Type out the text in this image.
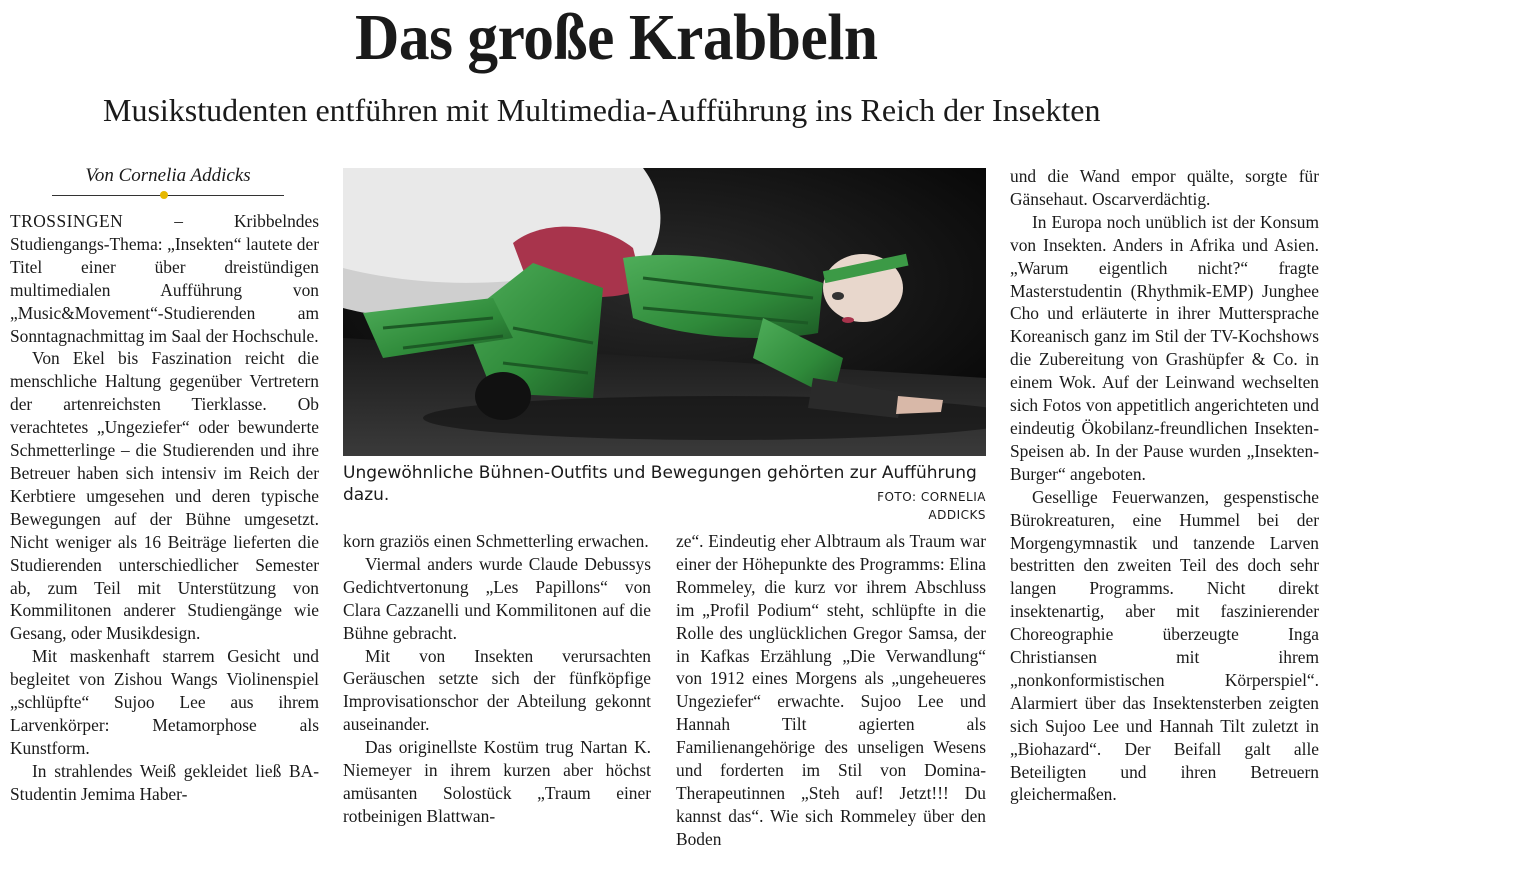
Das große Krabbeln
Musikstudenten entführen mit Multimedia-Aufführung ins Reich der Insekten
Von Cornelia Addicks

TROSSINGEN – Kribbelndes Studiengangs-Thema: „Insekten“ lautete der Titel einer über dreistündigen multimedialen Aufführung von „Music&Movement“-Studierenden am Sonntagnachmittag im Saal der Hochschule.

Von Ekel bis Faszination reicht die menschliche Haltung gegenüber Vertretern der artenreichsten Tierklasse. Ob verachtetes „Ungeziefer“ oder bewunderte Schmetterlinge – die Studierenden und ihre Betreuer haben sich intensiv im Reich der Kerbtiere umgesehen und deren typische Bewegungen auf der Bühne umgesetzt. Nicht weniger als 16 Beiträge lieferten die Studierenden unterschiedlicher Semester ab, zum Teil mit Unterstützung von Kommilitonen anderer Studiengänge wie Gesang, oder Musikdesign.

Mit maskenhaft starrem Gesicht und begleitet von Zishou Wangs Violinenspiel „schlüpfte“ Sujoo Lee aus ihrem Larvenkörper: Metamorphose als Kunstform.

In strahlendes Weiß gekleidet ließ BA-Studentin Jemima Haber-

Ungewöhnliche Bühnen-Outfits und Bewegungen gehörten zur Aufführung dazu.	FOTO: CORNELIA ADDICKS

korn graziös einen Schmetterling erwachen.

Viermal anders wurde Claude Debussys Gedichtvertonung „Les Papillons“ von Clara Cazzanelli und Kommilitonen auf die Bühne gebracht.

Mit von Insekten verursachten Geräuschen setzte sich der fünfköpfige Improvisationschor der Abteilung gekonnt auseinander.

Das originellste Kostüm trug Nartan K. Niemeyer in ihrem kurzen aber höchst amüsanten Solostück „Traum einer rotbeinigen Blattwan-

ze“. Eindeutig eher Albtraum als Traum war einer der Höhepunkte des Programms: Elina Rommeley, die kurz vor ihrem Abschluss im „Profil Podium“ steht, schlüpfte in die Rolle des unglücklichen Gregor Samsa, der in Kafkas Erzählung „Die Verwandlung“ von 1912 eines Morgens als „ungeheueres Ungeziefer“ erwachte. Sujoo Lee und Hannah Tilt agierten als Familienangehörige des unseligen Wesens und forderten im Stil von Domina-Therapeutinnen „Steh auf! Jetzt!!! Du kannst das“. Wie sich Rommeley über den Boden

und die Wand empor quälte, sorgte für Gänsehaut. Oscarverdächtig.

In Europa noch unüblich ist der Konsum von Insekten. Anders in Afrika und Asien. „Warum eigentlich nicht?“ fragte Masterstudentin (Rhythmik-EMP) Junghee Cho und erläuterte in ihrer Muttersprache Koreanisch ganz im Stil der TV-Kochshows die Zubereitung von Grashüpfer & Co. in einem Wok. Auf der Leinwand wechselten sich Fotos von appetitlich angerichteten und eindeutig Ökobilanz-freundlichen Insekten-Speisen ab. In der Pause wurden „Insekten-Burger“ angeboten.

Gesellige Feuerwanzen, gespenstische Bürokreaturen, eine Hummel bei der Morgengymnastik und tanzende Larven bestritten den zweiten Teil des doch sehr langen Programms. Nicht direkt insektenartig, aber mit faszinierender Choreographie überzeugte Inga Christiansen mit ihrem „nonkonformistischen Körperspiel“. Alarmiert über das Insektensterben zeigten sich Sujoo Lee und Hannah Tilt zuletzt in „Biohazard“. Der Beifall galt alle Beteiligten und ihren Betreuern gleichermaßen.
